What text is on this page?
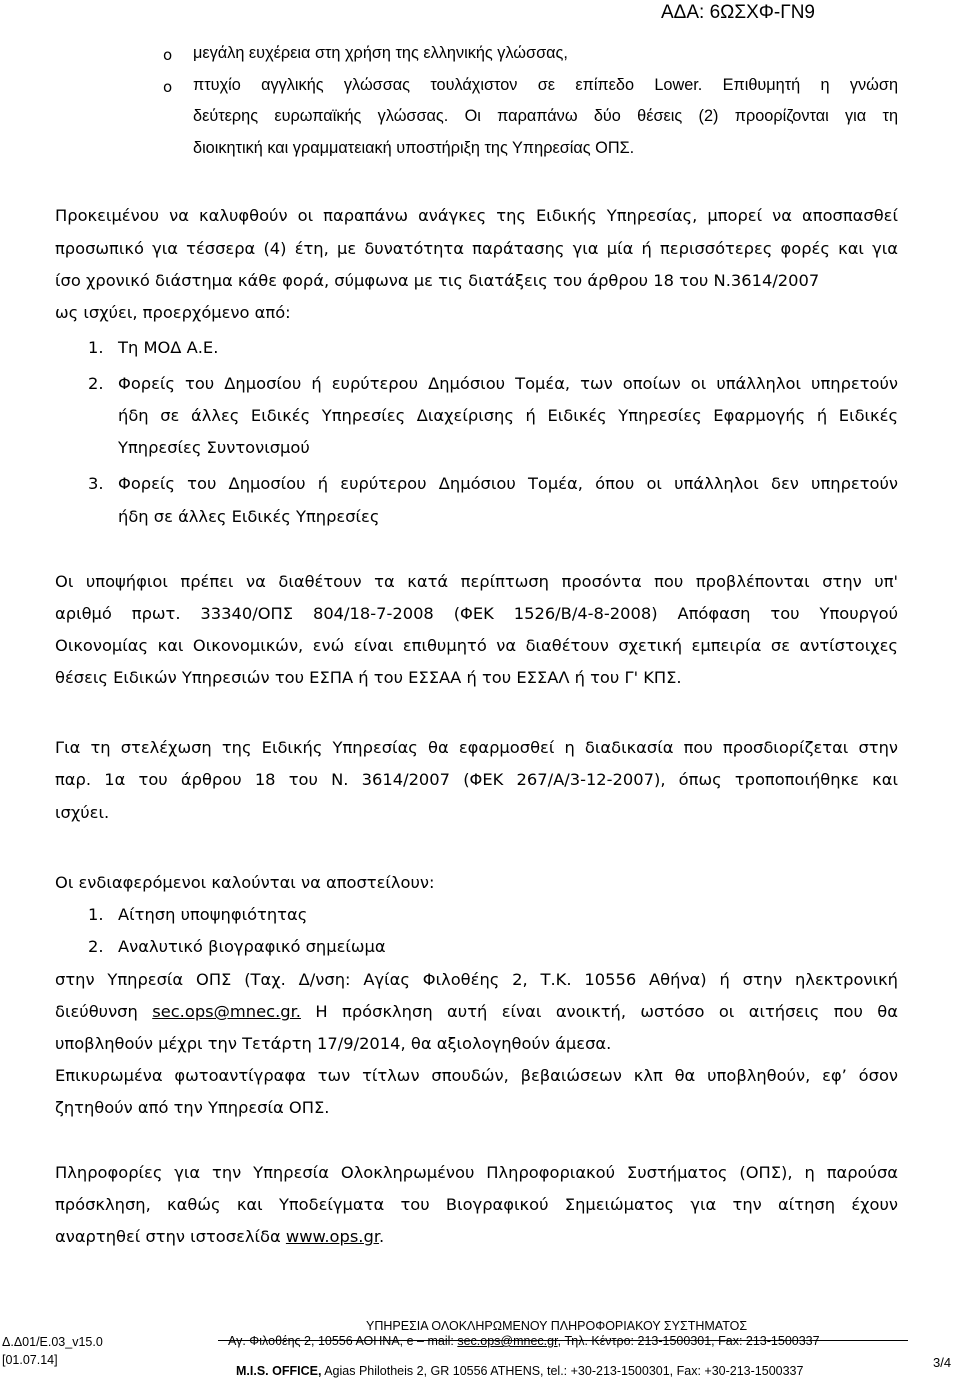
ΑΔΑ: 6ΩΣΧΦ-ΓΝ9
o μεγάλη ευχέρεια στη χρήση της ελληνικής γλώσσας,
o πτυχίο αγγλικής γλώσσας τουλάχιστον σε επίπεδο Lower. Επιθυμητή η γνώση
δεύτερης ευρωπαϊκής γλώσσας. Οι παραπάνω δύο θέσεις (2) προορίζονται για τη
διοικητική και γραμματειακή υποστήριξη της Υπηρεσίας ΟΠΣ.
Προκειμένου να καλυφθούν οι παραπάνω ανάγκες της Ειδικής Υπηρεσίας, μπορεί να αποσπασθεί
προσωπικό για τέσσερα (4) έτη, με δυνατότητα παράτασης για μία ή περισσότερες φορές και για
ίσο χρονικό διάστημα κάθε φορά, σύμφωνα με τις διατάξεις του άρθρου 18 του Ν.3614/2007
ως ισχύει, προερχόμενο από:
1. Τη ΜΟΔ Α.Ε.
2. Φορείς του Δημοσίου ή ευρύτερου Δημόσιου Τομέα, των οποίων οι υπάλληλοι υπηρετούν
ήδη σε άλλες Ειδικές Υπηρεσίες Διαχείρισης ή Ειδικές Υπηρεσίες Εφαρμογής ή Ειδικές
Υπηρεσίες Συντονισμού
3. Φορείς του Δημοσίου ή ευρύτερου Δημόσιου Τομέα, όπου οι υπάλληλοι δεν υπηρετούν
ήδη σε άλλες Ειδικές Υπηρεσίες
Οι υποψήφιοι πρέπει να διαθέτουν τα κατά περίπτωση προσόντα που προβλέπονται στην υπ'
αριθμό πρωτ. 33340/ΟΠΣ 804/18-7-2008 (ΦΕΚ 1526/Β/4-8-2008) Απόφαση του Υπουργού
Οικονομίας και Οικονομικών, ενώ είναι επιθυμητό να διαθέτουν σχετική εμπειρία σε αντίστοιχες
θέσεις Ειδικών Υπηρεσιών του ΕΣΠΑ ή του ΕΣΣΑΑ ή του ΕΣΣΑΛ ή του Γ' ΚΠΣ.
Για τη στελέχωση της Ειδικής Υπηρεσίας θα εφαρμοσθεί η διαδικασία που προσδιορίζεται στην
παρ. 1α του άρθρου 18 του Ν. 3614/2007 (ΦΕΚ 267/Α/3-12-2007), όπως τροποποιήθηκε και
ισχύει.
Οι ενδιαφερόμενοι καλούνται να αποστείλουν:
1. Αίτηση υποψηφιότητας
2. Αναλυτικό βιογραφικό σημείωμα
στην Υπηρεσία ΟΠΣ (Ταχ. Δ/νση: Αγίας Φιλοθέης 2, Τ.Κ. 10556 Αθήνα) ή στην ηλεκτρονική
διεύθυνση sec.ops@mnec.gr. Η πρόσκληση αυτή είναι ανοικτή, ωστόσο οι αιτήσεις που θα
υποβληθούν μέχρι την Τετάρτη 17/9/2014, θα αξιολογηθούν άμεσα.
Επικυρωμένα φωτοαντίγραφα των τίτλων σπουδών, βεβαιώσεων κλπ θα υποβληθούν, εφ’ όσον
ζητηθούν από την Υπηρεσία ΟΠΣ.
Πληροφορίες για την Υπηρεσία Ολοκληρωμένου Πληροφοριακού Συστήματος (ΟΠΣ), η παρούσα
πρόσκληση, καθώς και Υποδείγματα του Βιογραφικού Σημειώματος για την αίτηση έχουν
αναρτηθεί στην ιστοσελίδα www.ops.gr.
Δ.Δ01/Ε.03_v15.0
[01.07.14]
ΥΠΗΡΕΣΙΑ ΟΛΟΚΛΗΡΩΜΕΝΟΥ ΠΛΗΡΟΦΟΡΙΑΚΟΥ ΣΥΣΤΗΜΑΤΟΣ
Αγ. Φιλοθέης 2, 10556 ΑΘΗΝΑ, e – mail: sec.ops@mnec.gr, Τηλ. Κέντρο: 213-1500301, Fax: 213-1500337
M.I.S. OFFICE, Agias Philotheis 2, GR 10556 ATHENS, tel.: +30-213-1500301, Fax: +30-213-1500337
3/4
